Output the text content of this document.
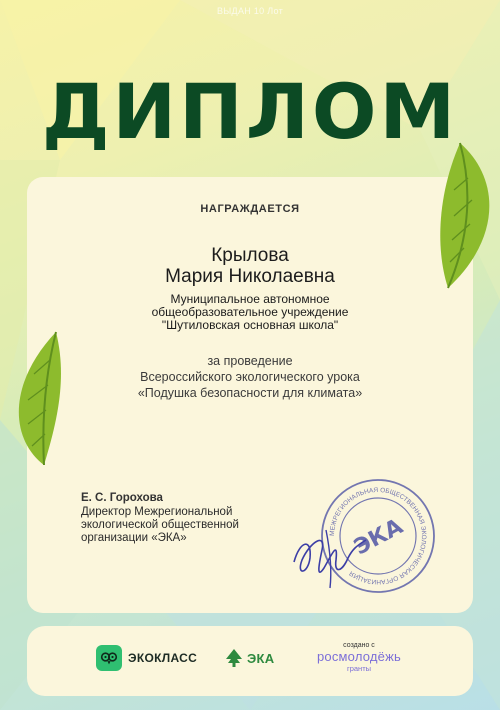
ВЫДАН 10 Лот
ДИПЛОМ
НАГРАЖДАЕТСЯ
Крылова
Мария Николаевна
Муниципальное автономное
общеобразовательное учреждение
"Шутиловская основная школа"
за проведение
Всероссийского экологического урока
«Подушка безопасности для климата»
Е. С. Горохова
Директор Межрегиональной
экологической общественной
организации «ЭКА»	МЕЖРЕГИОНАЛЬНАЯ ОБЩЕСТВЕННАЯ ЭКОЛОГИЧЕСКАЯ ОРГАНИЗАЦИЯ
ЭКА
ЭКОКЛАСС	ЭКА
создано с
росмолодёжь
гранты
